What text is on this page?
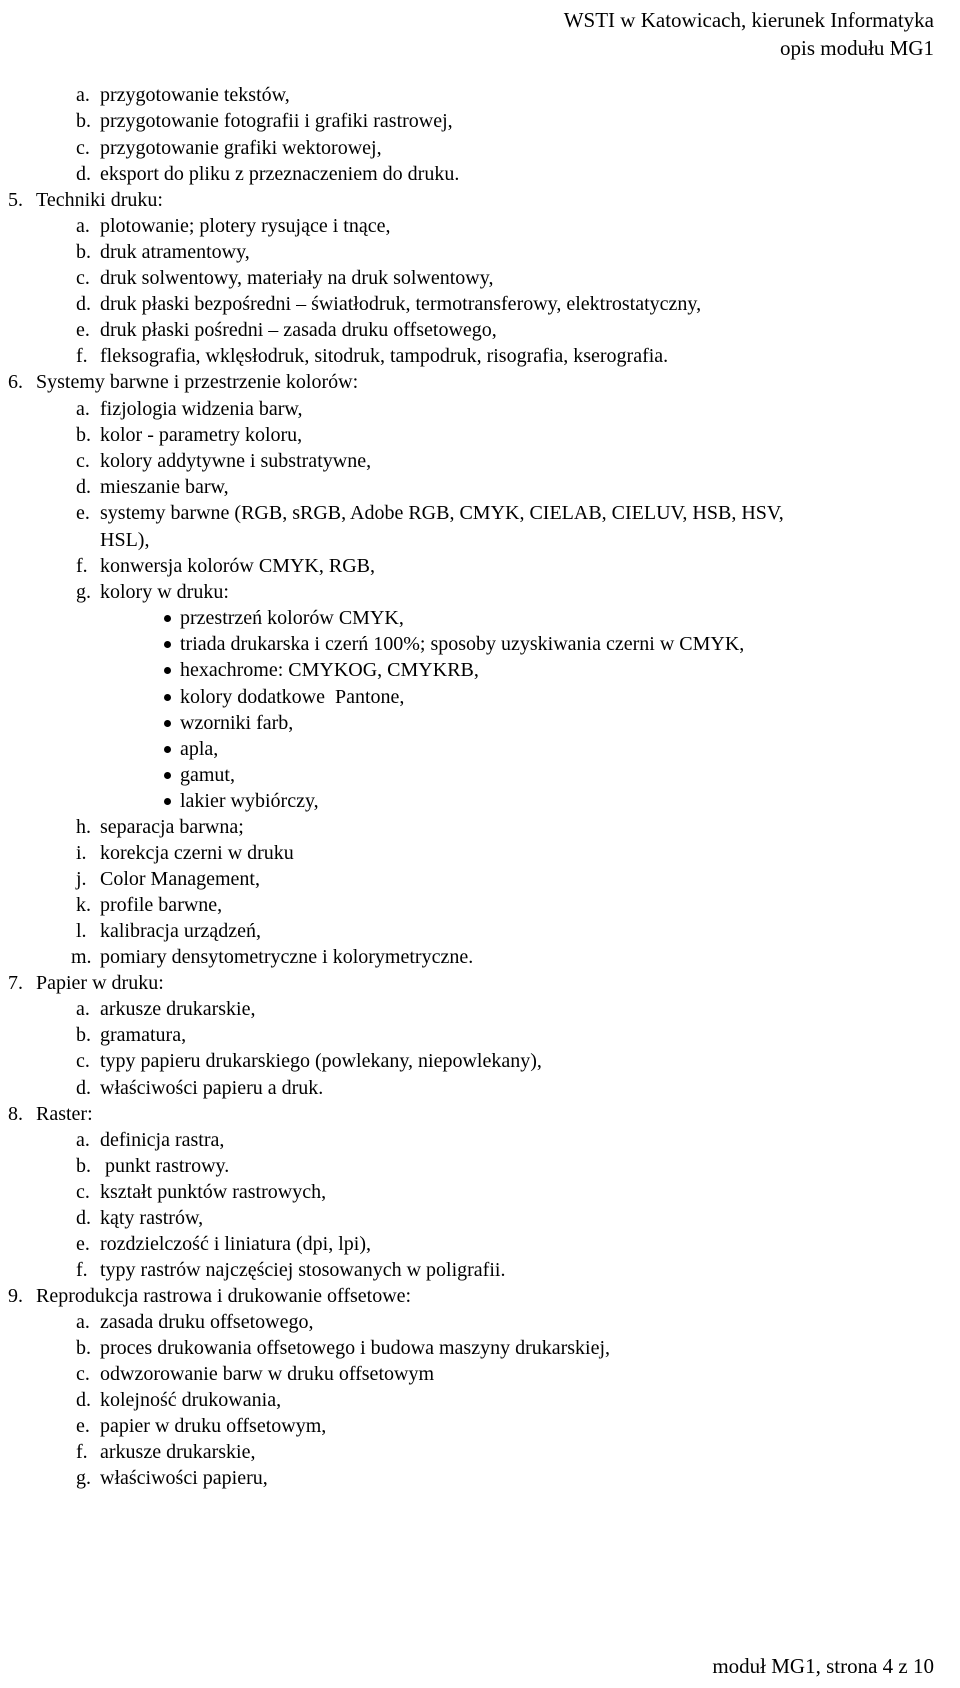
WSTI w Katowicach, kierunek Informatyka
opis modułu MG1
a. przygotowanie tekstów,
b. przygotowanie fotografii i grafiki rastrowej,
c. przygotowanie grafiki wektorowej,
d. eksport do pliku z przeznaczeniem do druku.
5. Techniki druku:
a. plotowanie; plotery rysujące i tnące,
b. druk atramentowy,
c. druk solwentowy, materiały na druk solwentowy,
d. druk płaski bezpośredni – światłodruk, termotransferowy, elektrostatyczny,
e. druk płaski pośredni – zasada druku offsetowego,
f. fleksografia, wklęsłodruk, sitodruk, tampodruk, risografia, kserografia.
6. Systemy barwne i przestrzenie kolorów:
a. fizjologia widzenia barw,
b. kolor - parametry koloru,
c. kolory addytywne i substratywne,
d. mieszanie barw,
e. systemy barwne (RGB, sRGB, Adobe RGB, CMYK, CIELAB, CIELUV, HSB, HSV,
HSL),
f. konwersja kolorów CMYK, RGB,
g. kolory w druku:
przestrzeń kolorów CMYK,
triada drukarska i czerń 100%; sposoby uzyskiwania czerni w CMYK,
hexachrome: CMYKOG, CMYKRB,
kolory dodatkowe  Pantone,
wzorniki farb,
apla,
gamut,
lakier wybiórczy,
h. separacja barwna;
i. korekcja czerni w druku
j. Color Management,
k. profile barwne,
l. kalibracja urządzeń,
m. pomiary densytometryczne i kolorymetryczne.
7. Papier w druku:
a. arkusze drukarskie,
b. gramatura,
c. typy papieru drukarskiego (powlekany, niepowlekany),
d. właściwości papieru a druk.
8. Raster:
a. definicja rastra,
b. punkt rastrowy.
c. kształt punktów rastrowych,
d. kąty rastrów,
e. rozdzielczość i liniatura (dpi, lpi),
f. typy rastrów najczęściej stosowanych w poligrafii.
9. Reprodukcja rastrowa i drukowanie offsetowe:
a. zasada druku offsetowego,
b. proces drukowania offsetowego i budowa maszyny drukarskiej,
c. odwzorowanie barw w druku offsetowym
d. kolejność drukowania,
e. papier w druku offsetowym,
f. arkusze drukarskie,
g. właściwości papieru,
moduł MG1, strona 4 z 10
